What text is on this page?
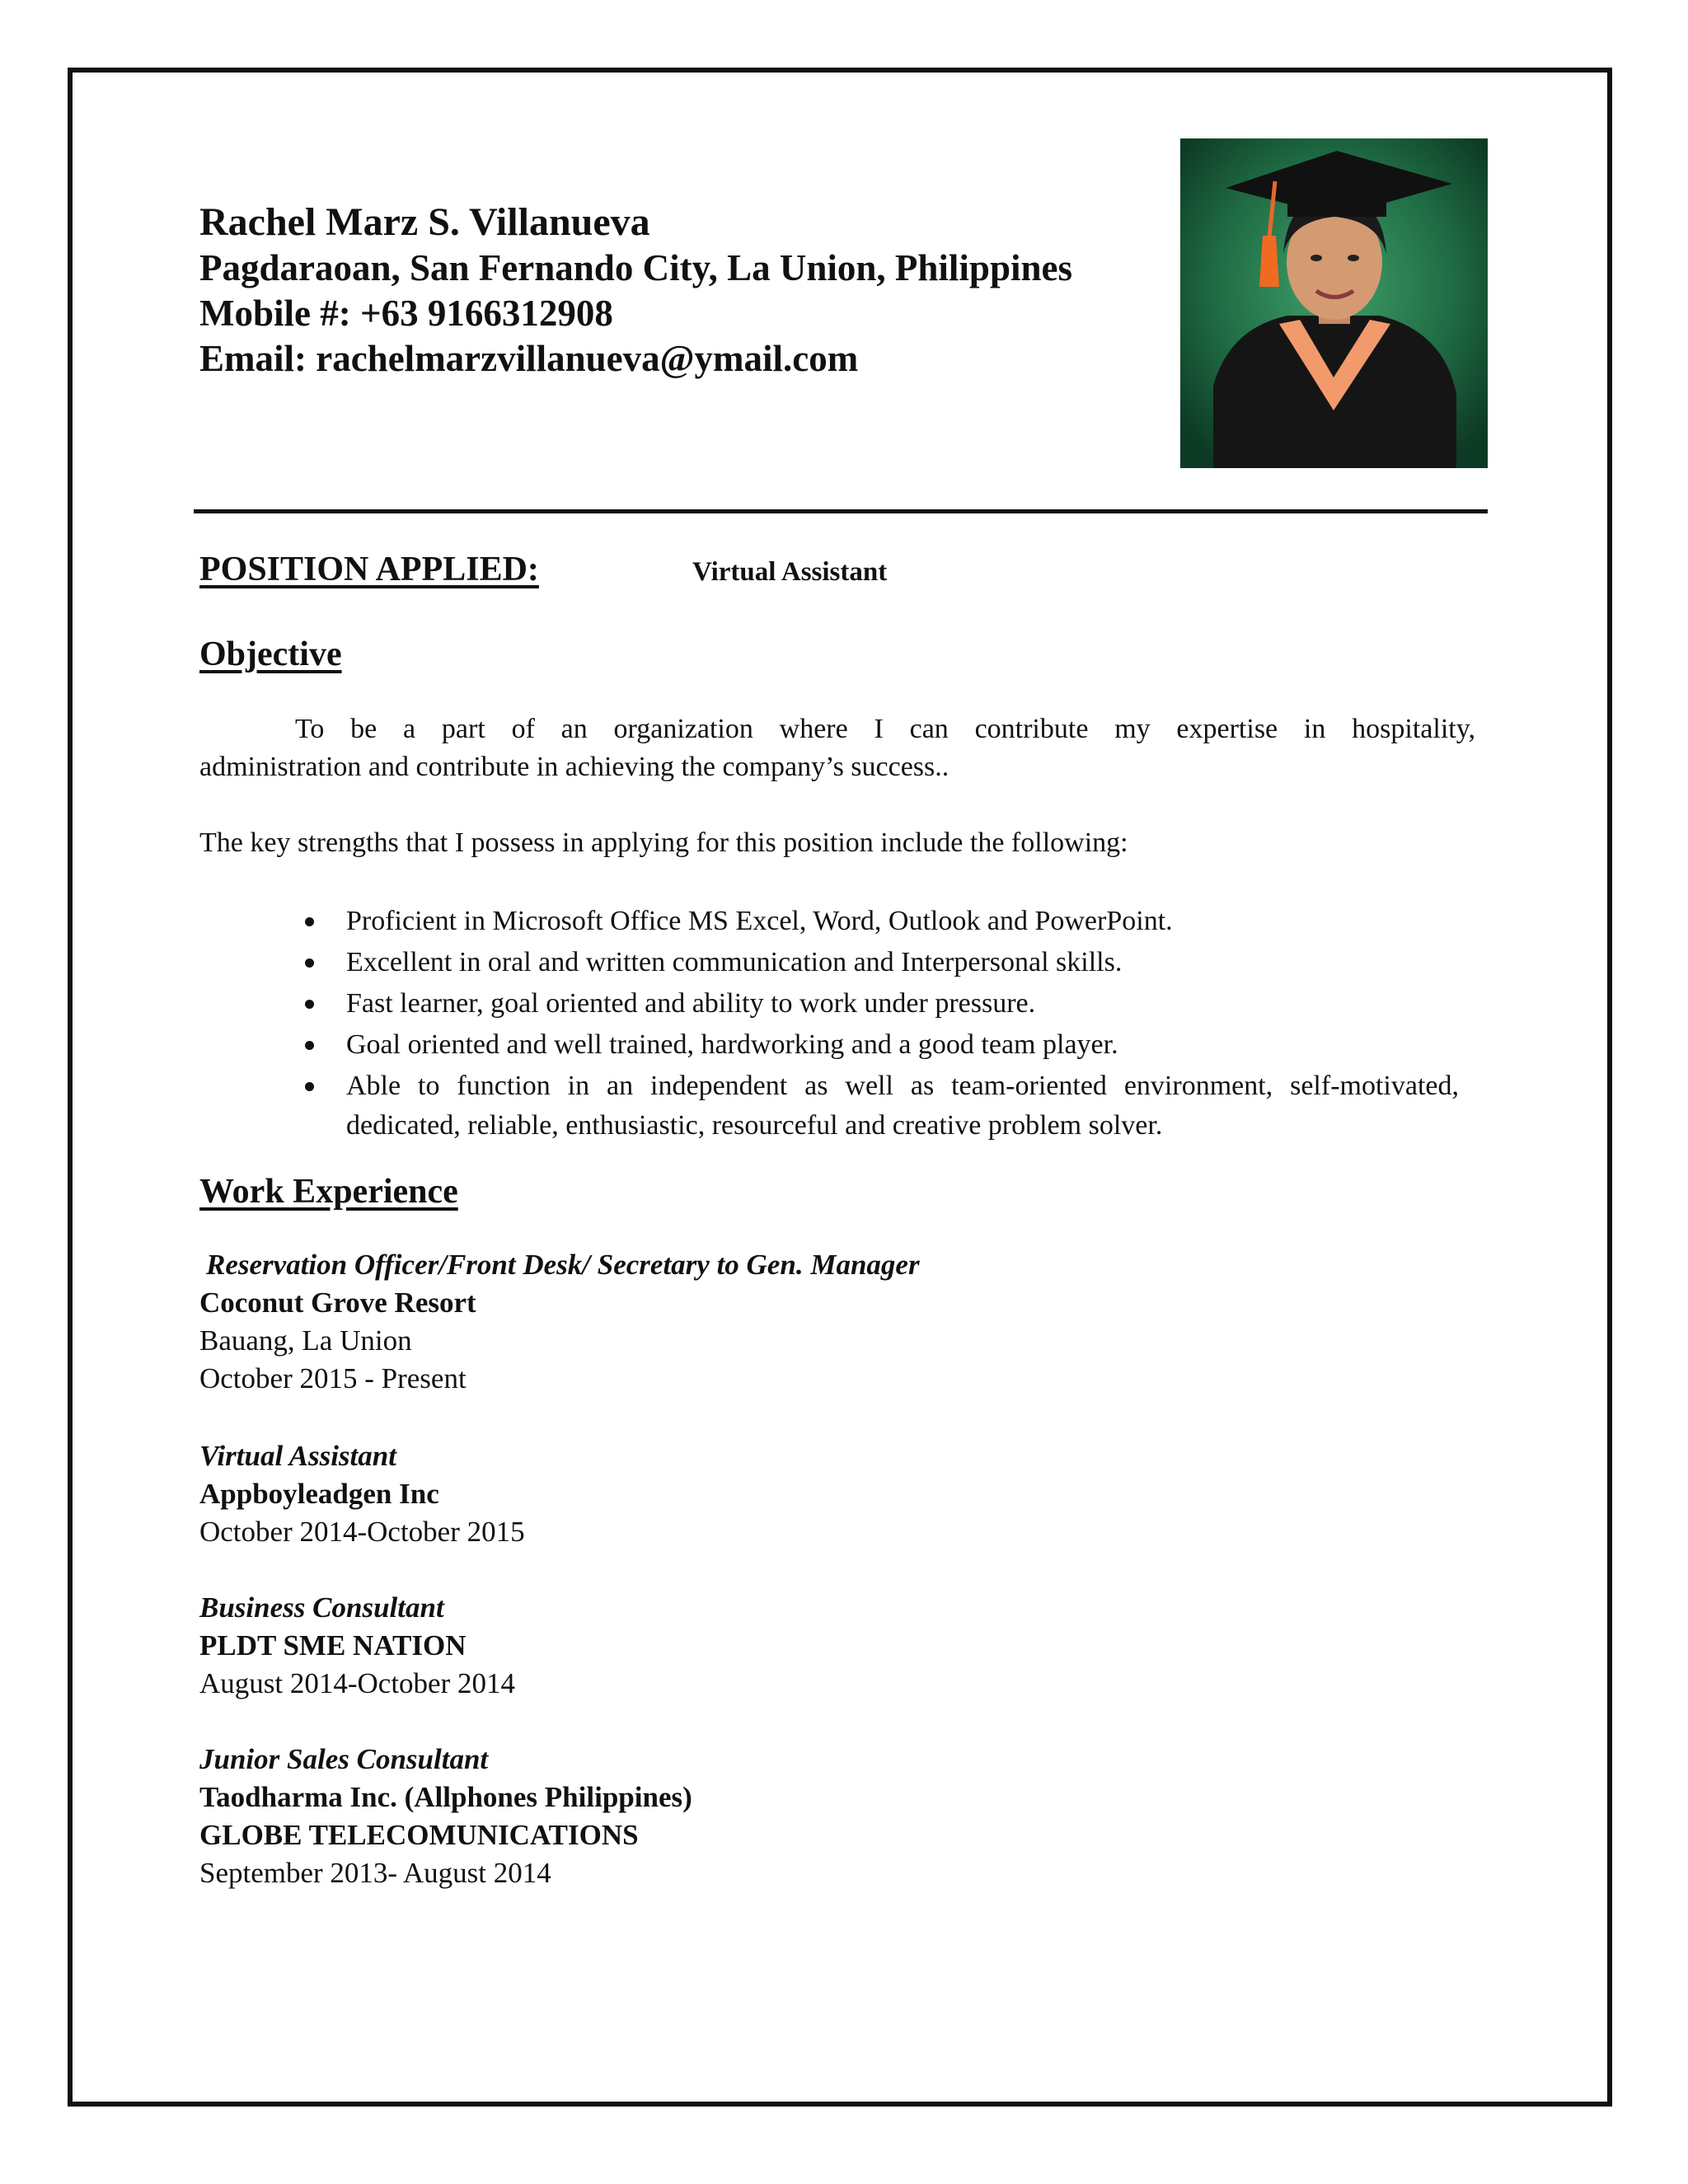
Rachel Marz S. Villanueva

Pagdaraoan, San Fernando City, La Union, Philippines

Mobile #: +63 9166312908

Email: rachelmarzvillanueva@ymail.com

POSITION APPLIED:	Virtual Assistant

Objective

To be a part of an organization where I can contribute my expertise in hospitality,

administration and contribute in achieving the company’s success..

The key strengths that I possess in applying for this position include the following:

Proficient in Microsoft Office MS Excel, Word, Outlook and PowerPoint.
Excellent in oral and written communication and Interpersonal skills.
Fast learner, goal oriented and ability to work under pressure.
Goal oriented and well trained, hardworking and a good team player.
Able to function in an independent as well as team-oriented environment, self-motivated, dedicated, reliable, enthusiastic, resourceful and creative problem solver.

Work Experience

Reservation Officer/Front Desk/ Secretary to Gen. Manager

Coconut Grove Resort

Bauang, La Union

October 2015 - Present

Virtual Assistant

Appboyleadgen Inc

October 2014-October 2015

Business Consultant

PLDT SME NATION

August 2014-October 2014

Junior Sales Consultant

Taodharma Inc. (Allphones Philippines)

GLOBE TELECOMUNICATIONS

September 2013- August 2014
